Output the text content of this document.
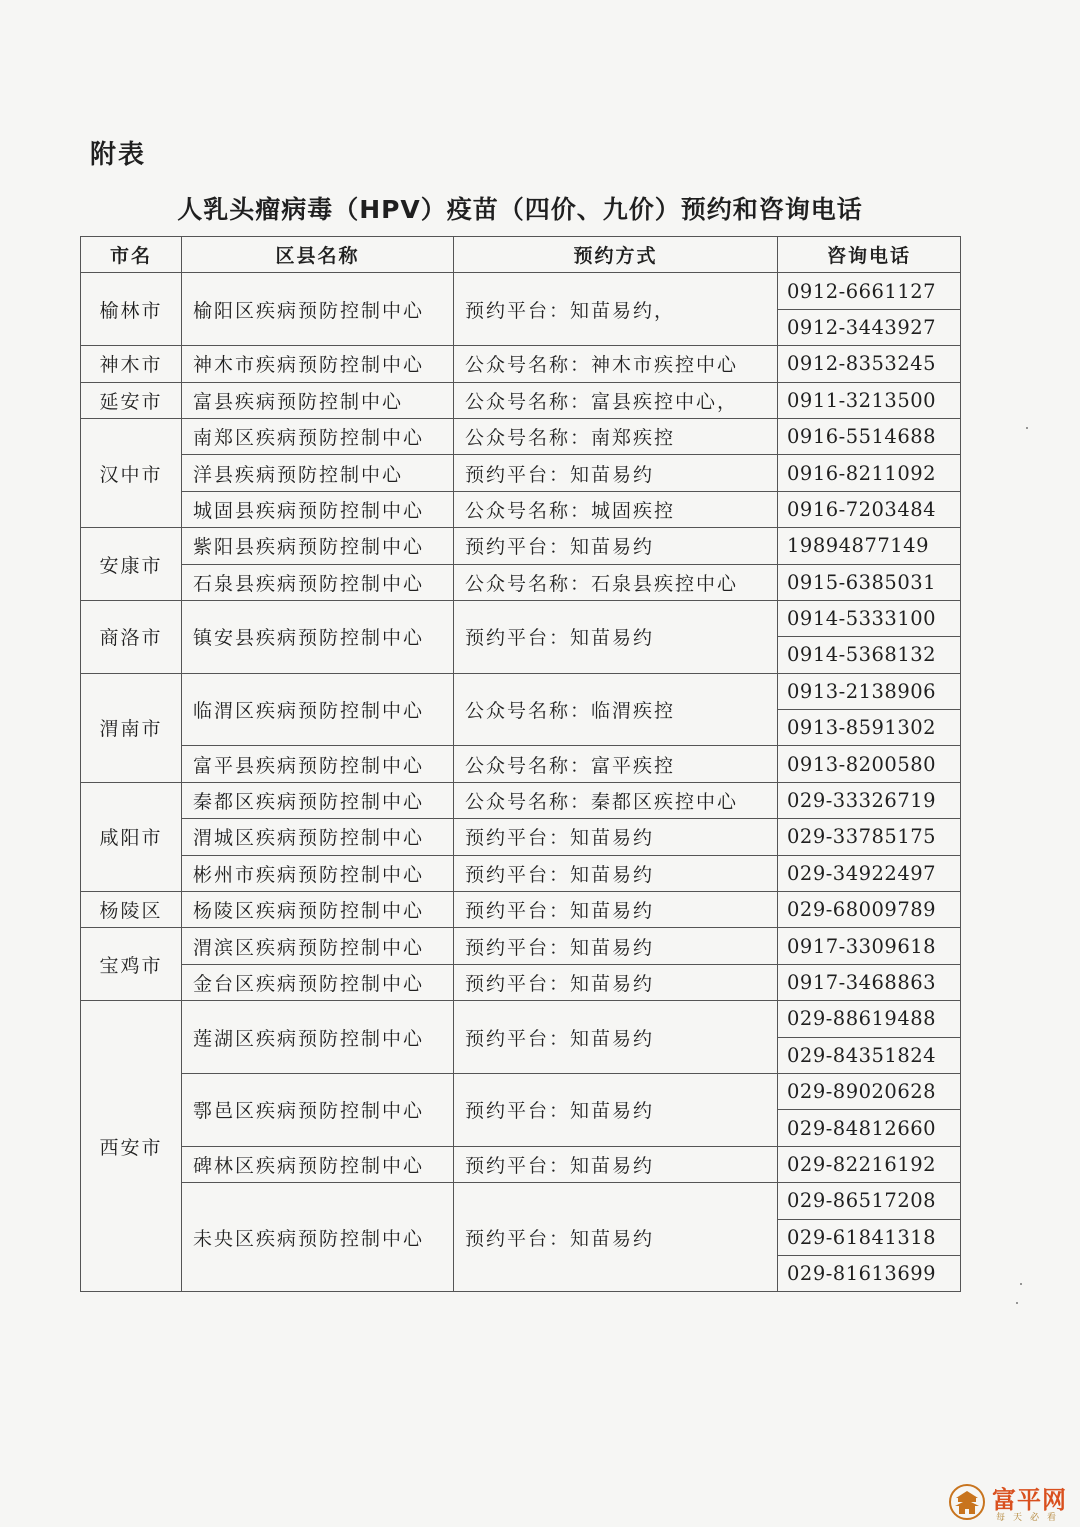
附表
人乳头瘤病毒（HPV）疫苗（四价、九价）预约和咨询电话
市名	区县名称	预约方式	咨询电话
榆林市	榆阳区疾病预防控制中心	预约平台：知苗易约，	0912-6661127
			0912-3443927
神木市	神木市疾病预防控制中心	公众号名称：神木市疾控中心	0912-8353245
延安市	富县疾病预防控制中心	公众号名称：富县疾控中心，	0911-3213500
汉中市	南郑区疾病预防控制中心	公众号名称：南郑疾控	0916-5514688
	洋县疾病预防控制中心	预约平台：知苗易约	0916-8211092
	城固县疾病预防控制中心	公众号名称：城固疾控	0916-7203484
安康市	紫阳县疾病预防控制中心	预约平台：知苗易约	19894877149
	石泉县疾病预防控制中心	公众号名称：石泉县疾控中心	0915-6385031
商洛市	镇安县疾病预防控制中心	预约平台：知苗易约	0914-5333100
			0914-5368132
渭南市	临渭区疾病预防控制中心	公众号名称：临渭疾控	0913-2138906
			0913-8591302
	富平县疾病预防控制中心	公众号名称：富平疾控	0913-8200580
咸阳市	秦都区疾病预防控制中心	公众号名称：秦都区疾控中心	029-33326719
	渭城区疾病预防控制中心	预约平台：知苗易约	029-33785175
	彬州市疾病预防控制中心	预约平台：知苗易约	029-34922497
杨陵区	杨陵区疾病预防控制中心	预约平台：知苗易约	029-68009789
宝鸡市	渭滨区疾病预防控制中心	预约平台：知苗易约	0917-3309618
	金台区疾病预防控制中心	预约平台：知苗易约	0917-3468863
西安市	莲湖区疾病预防控制中心	预约平台：知苗易约	029-88619488
			029-84351824
	鄠邑区疾病预防控制中心	预约平台：知苗易约	029-89020628
			029-84812660
	碑林区疾病预防控制中心	预约平台：知苗易约	029-82216192
	未央区疾病预防控制中心	预约平台：知苗易约	029-86517208
			029-61841318
			029-81613699
富平网
每天必看
